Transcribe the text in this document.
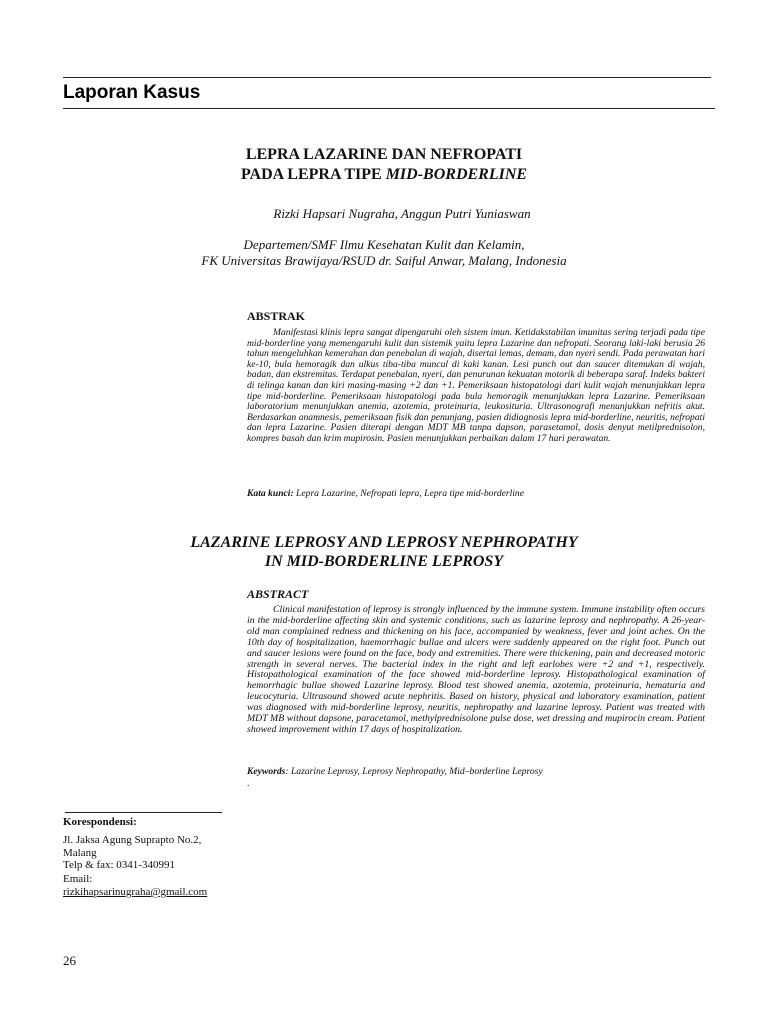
Laporan Kasus
LEPRA LAZARINE DAN NEFROPATI
PADA LEPRA TIPE MID-BORDERLINE
Rizki Hapsari Nugraha, Anggun Putri Yuniaswan
Departemen/SMF Ilmu Kesehatan Kulit dan Kelamin,
FK Universitas Brawijaya/RSUD dr. Saiful Anwar, Malang, Indonesia
ABSTRAK
Manifestasi klinis lepra sangat dipengaruhi oleh sistem imun. Ketidakstabilan imunitas sering terjadi pada tipe mid-borderline yang memengaruhi kulit dan sistemik yaitu lepra Lazarine dan nefropati. Seorang laki-laki berusia 26 tahun mengeluhkan kemerahan dan penebalan di wajah, disertai lemas, demam, dan nyeri sendi. Pada perawatan hari ke-10, bula hemoragik dan ulkus tiba-tiba muncul di kaki kanan. Lesi punch out dan saucer ditemukan di wajah, badan, dan ekstremitas. Terdapat penebalan, nyeri, dan penurunan kekuatan motorik di beberapa saraf. Indeks bakteri di telinga kanan dan kiri masing-masing +2 dan +1. Pemeriksaan histopatologi dari kulit wajah menunjukkan lepra tipe mid-borderline. Pemeriksaan histopatologi pada bula hemoragik menunjukkan lepra Lazarine. Pemeriksaan laboratorium menunjukkan anemia, azotemia, proteinuria, leukosituria. Ultrasonografi menunjukkan nefritis akut. Berdasarkan anamnesis, pemeriksaan fisik dan penunjang, pasien didiagnosis lepra mid-borderline, neuritis, nefropati dan lepra Lazarine. Pasien diterapi dengan MDT MB tanpa dapson, parasetamol, dosis denyut metilprednisolon, kompres basah dan krim mupirosin. Pasien menunjukkan perbaikan dalam 17 hari perawatan.
Kata kunci: Lepra Lazarine, Nefropati lepra, Lepra tipe mid-borderline
LAZARINE LEPROSY AND LEPROSY NEPHROPATHY
IN MID-BORDERLINE LEPROSY
ABSTRACT
Clinical manifestation of leprosy is strongly influenced by the immune system. Immune instability often occurs in the mid-borderline affecting skin and systemic conditions, such as lazarine leprosy and nephropathy. A 26-year-old man complained redness and thickening on his face, accompanied by weakness, fever and joint aches. On the 10th day of hospitalization, haemorrhagic bullae and ulcers were suddenly appeared on the right foot. Punch out and saucer lesions were found on the face, body and extremities. There were thickening, pain and decreased motoric strength in several nerves. The bacterial index in the right and left earlobes were +2 and +1, respectively. Histopathological examination of the face showed mid-borderline leprosy. Histopathological examination of hemorrhagic bullae showed Lazarine leprosy. Blood test showed anemia, azotemia, proteinuria, hematuria and leucocyturia. Ultrasound showed acute nephritis. Based on history, physical and laboratory examination, patient was diagnosed with mid-borderline leprosy, neuritis, nephropathy and lazarine leprosy. Patient was treated with MDT MB without dapsone, paracetamol, methylprednisolone pulse dose, wet dressing and mupirocin cream. Patient showed improvement within 17 days of hospitalization.
Keywords: Lazarine Leprosy, Leprosy Nephropathy, Mid–borderline Leprosy
.
Korespondensi:
Jl. Jaksa Agung Suprapto No.2,
Malang
Telp & fax: 0341-340991
Email:
rizkihapsarinugraha@gmail.com
26
